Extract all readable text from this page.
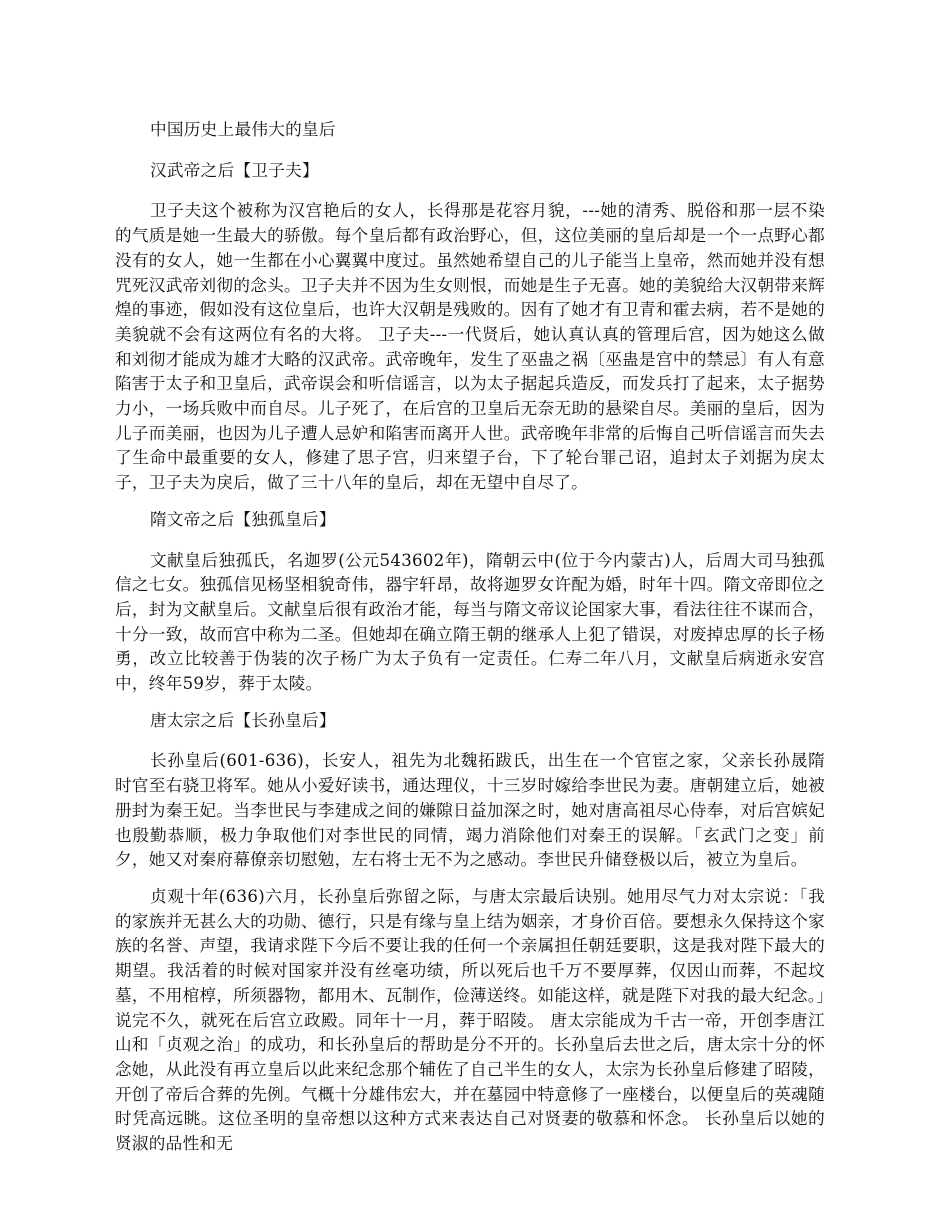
中国历史上最伟大的皇后

汉武帝之后【卫子夫】

卫子夫这个被称为汉宫艳后的女人，长得那是花容月貌，---她的清秀、脱俗和那一层不染的气质是她一生最大的骄傲。每个皇后都有政治野心，但，这位美丽的皇后却是一个一点野心都没有的女人，她一生都在小心翼翼中度过。虽然她希望自己的儿子能当上皇帝，然而她并没有想咒死汉武帝刘彻的念头。卫子夫并不因为生女则恨，而她是生子无喜。她的美貌给大汉朝带来辉煌的事迹，假如没有这位皇后，也许大汉朝是残败的。因有了她才有卫青和霍去病，若不是她的美貌就不会有这两位有名的大将。 卫子夫---一代贤后，她认真认真的管理后宫，因为她这么做和刘彻才能成为雄才大略的汉武帝。武帝晚年，发生了巫蛊之祸〔巫蛊是宫中的禁忌〕有人有意陷害于太子和卫皇后，武帝误会和听信谣言，以为太子据起兵造反，而发兵打了起来，太子据势力小，一场兵败中而自尽。儿子死了，在后宫的卫皇后无奈无助的悬梁自尽。美丽的皇后，因为儿子而美丽，也因为儿子遭人忌妒和陷害而离开人世。武帝晚年非常的后悔自己听信谣言而失去了生命中最重要的女人，修建了思子宫，归来望子台，下了轮台罪己诏，追封太子刘据为戾太子，卫子夫为戾后，做了三十八年的皇后，却在无望中自尽了。

隋文帝之后【独孤皇后】

文献皇后独孤氏，名迦罗(公元543602年)，隋朝云中(位于今内蒙古)人，后周大司马独孤信之七女。独孤信见杨坚相貌奇伟，器宇轩昂，故将迦罗女许配为婚，时年十四。隋文帝即位之后，封为文献皇后。文献皇后很有政治才能，每当与隋文帝议论国家大事，看法往往不谋而合，十分一致，故而宫中称为二圣。但她却在确立隋王朝的继承人上犯了错误，对废掉忠厚的长子杨勇，改立比较善于伪装的次子杨广为太子负有一定责任。仁寿二年八月，文献皇后病逝永安宫中，终年59岁，葬于太陵。

唐太宗之后【长孙皇后】

长孙皇后(601-636)，长安人，祖先为北魏拓跋氏，出生在一个官宦之家，父亲长孙晟隋时官至右骁卫将军。她从小爱好读书，通达理仪，十三岁时嫁给李世民为妻。唐朝建立后，她被册封为秦王妃。当李世民与李建成之间的嫌隙日益加深之时，她对唐高祖尽心侍奉，对后宫嫔妃也殷勤恭顺，极力争取他们对李世民的同情，竭力消除他们对秦王的误解。「玄武门之变」前夕，她又对秦府幕僚亲切慰勉，左右将士无不为之感动。李世民升储登极以后，被立为皇后。

贞观十年(636)六月，长孙皇后弥留之际，与唐太宗最后诀别。她用尽气力对太宗说：「我的家族并无甚么大的功勋、德行，只是有缘与皇上结为姻亲，才身价百倍。要想永久保持这个家族的名誉、声望，我请求陛下今后不要让我的任何一个亲属担任朝廷要职，这是我对陛下最大的期望。我活着的时候对国家并没有丝毫功绩，所以死后也千万不要厚葬，仅因山而葬，不起坟墓，不用棺椁，所须器物，都用木、瓦制作，俭薄送终。如能这样，就是陛下对我的最大纪念。」说完不久，就死在后宫立政殿。同年十一月，葬于昭陵。 唐太宗能成为千古一帝，开创李唐江山和「贞观之治」的成功，和长孙皇后的帮助是分不开的。长孙皇后去世之后，唐太宗十分的怀念她，从此没有再立皇后以此来纪念那个辅佐了自己半生的女人，太宗为长孙皇后修建了昭陵，开创了帝后合葬的先例。气概十分雄伟宏大，并在墓园中特意修了一座楼台，以便皇后的英魂随时凭高远眺。这位圣明的皇帝想以这种方式来表达自己对贤妻的敬慕和怀念。 长孙皇后以她的贤淑的品性和无
